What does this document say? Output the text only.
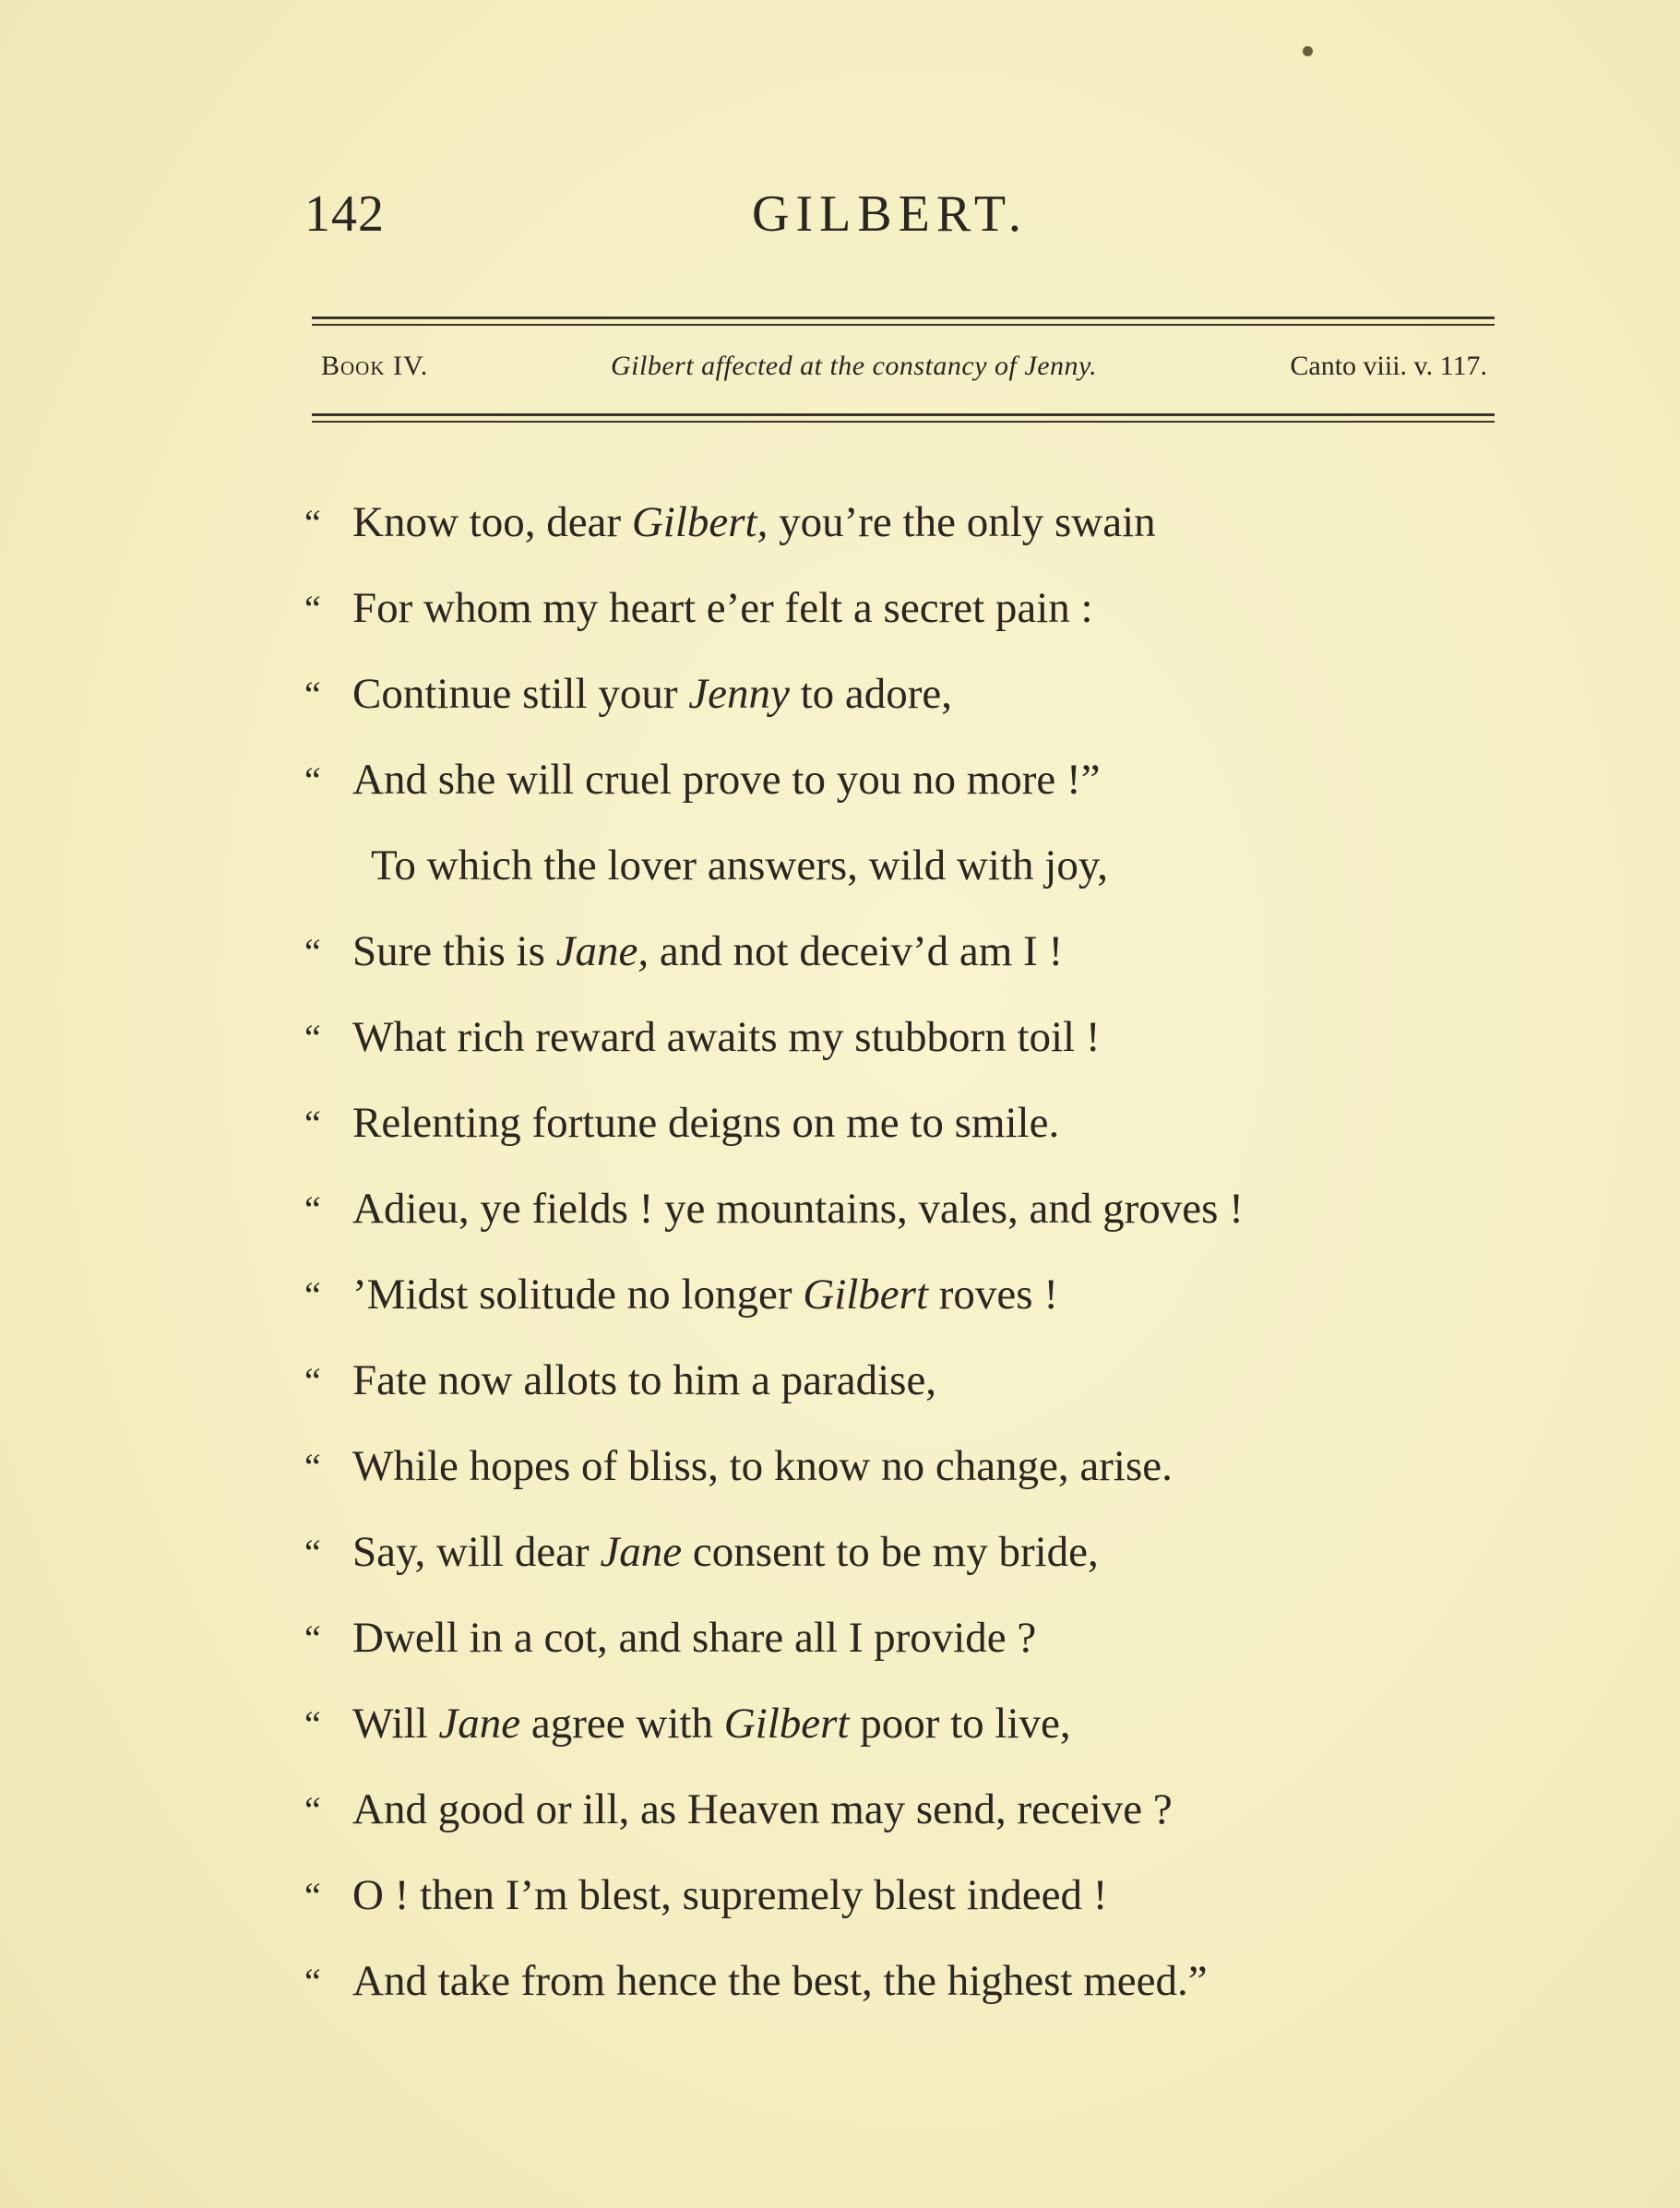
142	GILBERT.
Book IV.	Gilbert affected at the constancy of Jenny.	Canto viii. v. 117.
“ Know too, dear Gilbert, you’re the only swain
“ For whom my heart e’er felt a secret pain :
“ Continue still your Jenny to adore,
“ And she will cruel prove to you no more !”
To which the lover answers, wild with joy,
“ Sure this is Jane, and not deceiv’d am I !
“ What rich reward awaits my stubborn toil !
“ Relenting fortune deigns on me to smile.
“ Adieu, ye fields ! ye mountains, vales, and groves !
“ ’Midst solitude no longer Gilbert roves !
“ Fate now allots to him a paradise,
“ While hopes of bliss, to know no change, arise.
“ Say, will dear Jane consent to be my bride,
“ Dwell in a cot, and share all I provide ?
“ Will Jane agree with Gilbert poor to live,
“ And good or ill, as Heaven may send, receive ?
“ O ! then I’m blest, supremely blest indeed !
“ And take from hence the best, the highest meed.”
